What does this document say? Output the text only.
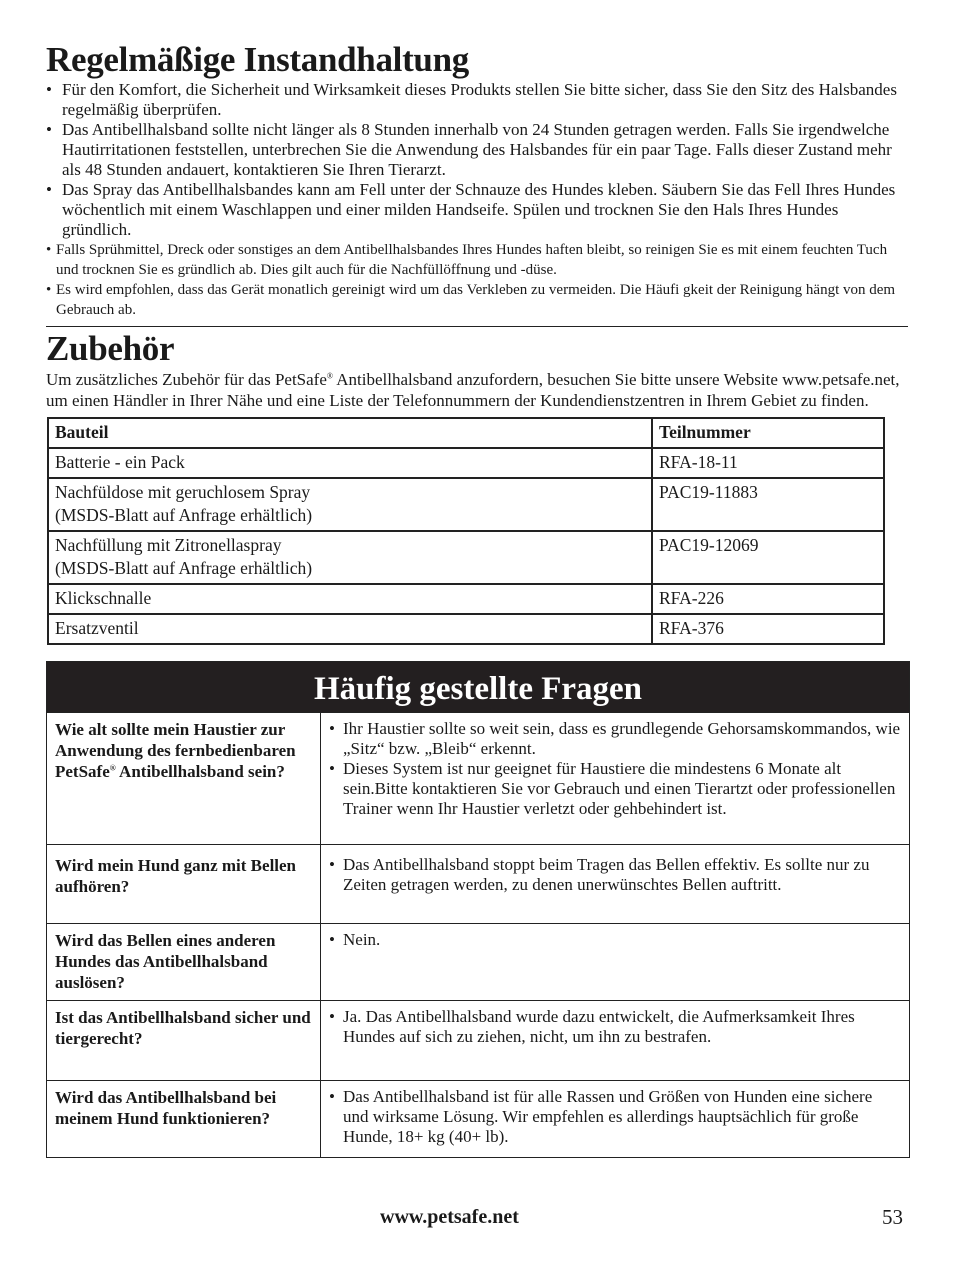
Regelmäßige Instandhaltung
• Für den Komfort, die Sicherheit und Wirksamkeit dieses Produkts stellen Sie bitte sicher, dass Sie den Sitz des Halsbandes regelmäßig überprüfen.
• Das Antibellhalsband sollte nicht länger als 8 Stunden innerhalb von 24 Stunden getragen werden. Falls Sie irgendwelche Hautirritationen feststellen, unterbrechen Sie die Anwendung des Halsbandes für ein paar Tage. Falls dieser Zustand mehr als 48 Stunden andauert, kontaktieren Sie Ihren Tierarzt.
• Das Spray das Antibellhalsbandes kann am Fell unter der Schnauze des Hundes kleben. Säubern Sie das Fell Ihres Hundes wöchentlich mit einem Waschlappen und einer milden Handseife. Spülen und trocknen Sie den Hals Ihres Hundes gründlich.
• Falls Sprühmittel, Dreck oder sonstiges an dem Antibellhalsbandes Ihres Hundes haften bleibt, so reinigen Sie es mit einem feuchten Tuch und trocknen Sie es gründlich ab. Dies gilt auch für die Nachfüllöffnung und -düse.
• Es wird empfohlen, dass das Gerät monatlich gereinigt wird um das Verkleben zu vermeiden. Die Häufi gkeit der Reinigung hängt von dem Gebrauch ab.
Zubehör

Um zusätzliches Zubehör für das PetSafe® Antibellhalsband anzufordern, besuchen Sie bitte unsere Website www.petsafe.net, um einen Händler in Ihrer Nähe und eine Liste der Telefonnummern der Kundendienstzentren in Ihrem Gebiet zu finden.

Bauteil	Teilnummer

Batterie - ein Pack	RFA-18-11

Nachfüldose mit geruchlosem Spray
(MSDS-Blatt auf Anfrage erhältlich)	PAC19-11883

Nachfüllung mit Zitronellaspray
(MSDS-Blatt auf Anfrage erhältlich)	PAC19-12069

Klickschnalle	RFA-226

Ersatzventil	RFA-376
Häufig gestellte Fragen
Wie alt sollte mein Haustier zur Anwendung des fernbedienbaren PetSafe® Antibellhalsband sein?
• Ihr Haustier sollte so weit sein, dass es grundlegende Gehorsamskommandos, wie „Sitz“ bzw. „Bleib“ erkennt.
• Dieses System ist nur geeignet für Haustiere die mindestens 6 Monate alt sein.Bitte kontaktieren Sie vor Gebrauch und einen Tierartzt oder professionellen Trainer wenn Ihr Haustier verletzt oder gehbehindert ist.
Wird mein Hund ganz mit Bellen aufhören?
• Das Antibellhalsband stoppt beim Tragen das Bellen effektiv. Es sollte nur zu Zeiten getragen werden, zu denen unerwünschtes Bellen auftritt.
Wird das Bellen eines anderen Hundes das Antibellhalsband auslösen?
• Nein.
Ist das Antibellhalsband sicher und tiergerecht?
• Ja. Das Antibellhalsband wurde dazu entwickelt, die Aufmerksamkeit Ihres Hundes auf sich zu ziehen, nicht, um ihn zu bestrafen.
Wird das Antibellhalsband bei meinem Hund funktionieren?
• Das Antibellhalsband ist für alle Rassen und Größen von Hunden eine sichere und wirksame Lösung. Wir empfehlen es allerdings hauptsächlich für große Hunde, 18+ kg (40+ lb).
www.petsafe.net	53
